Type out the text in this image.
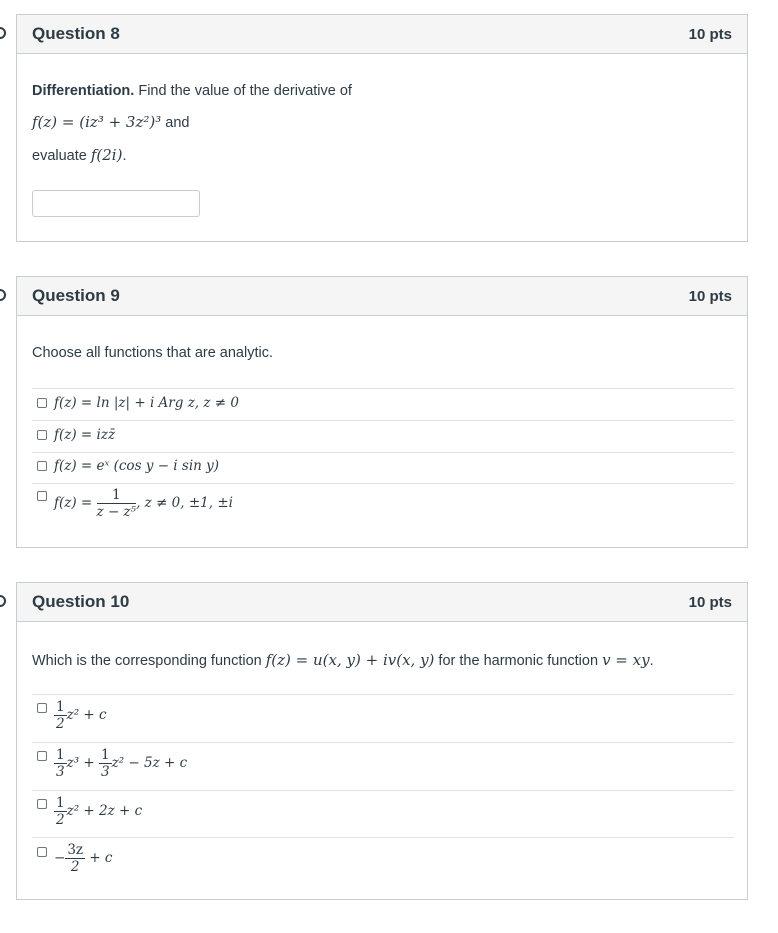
Question 8	10 pts
Differentiation. Find the value of the derivative of
f(z) = (iz³ + 3z²)³ and
evaluate f(2i).
Question 9	10 pts
Choose all functions that are analytic.
f(z) = ln |z| + i Arg z, z ≠ 0
f(z) = izz̄
f(z) = eˣ (cos y − i sin y)
$f(z) = \frac{1}{\text{z − z⁵}}$ , z ≠ 0, ±1, ±i
Question 10	10 pts
Which is the corresponding function f(z) = u(x, y) + iv(x, y) for the harmonic function v = xy.
$\frac{1}{2} z^2 + c$
$\frac{1}{3} z^3 + \frac{1}{3} z^2 - 5z + c$
$\frac{1}{2} z^2 + 2z + c$
− $\frac{3z}{2} + c$
